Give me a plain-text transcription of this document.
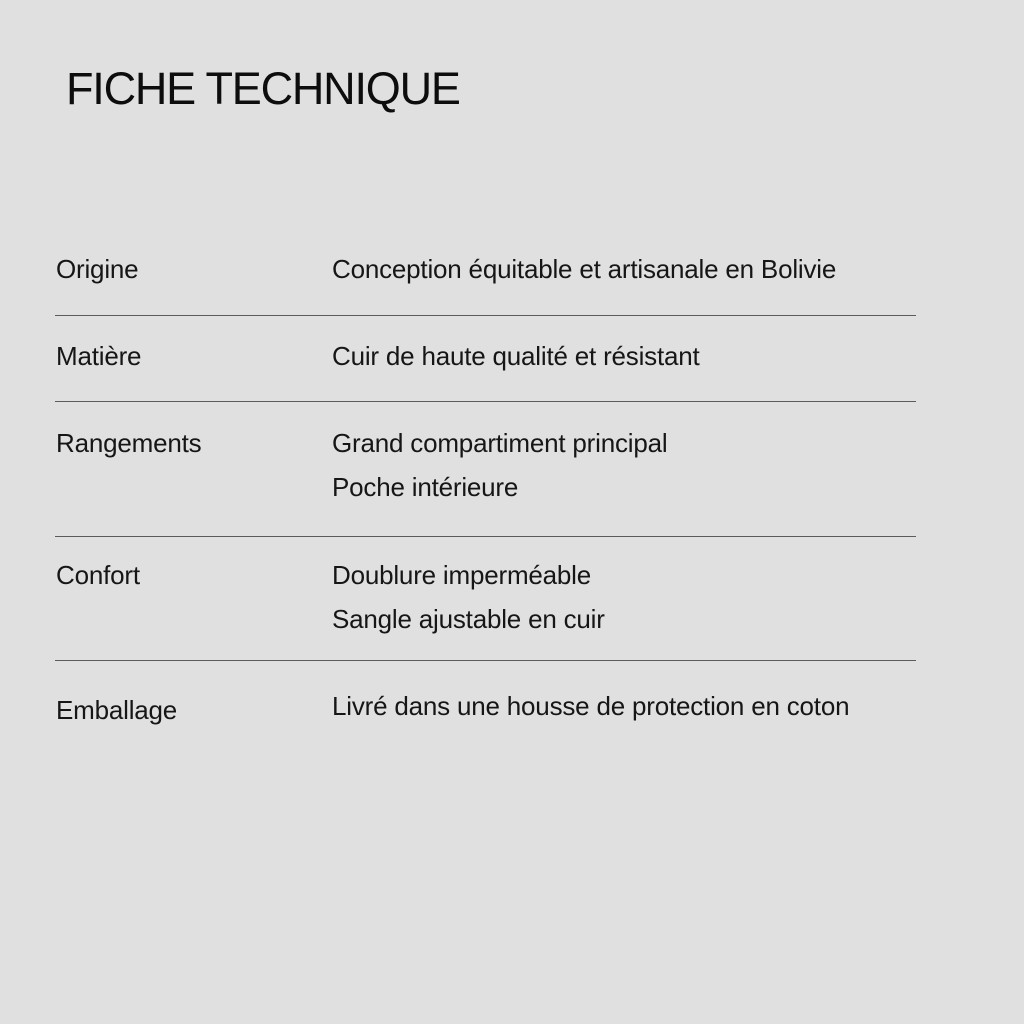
FICHE TECHNIQUE
Origine	Conception équitable et artisanale en Bolivie
Matière	Cuir de haute qualité et résistant
Rangements	Grand compartiment principal
Poche intérieure
Confort	Doublure imperméable
Sangle ajustable en cuir
Emballage	Livré dans une housse de protection en coton
